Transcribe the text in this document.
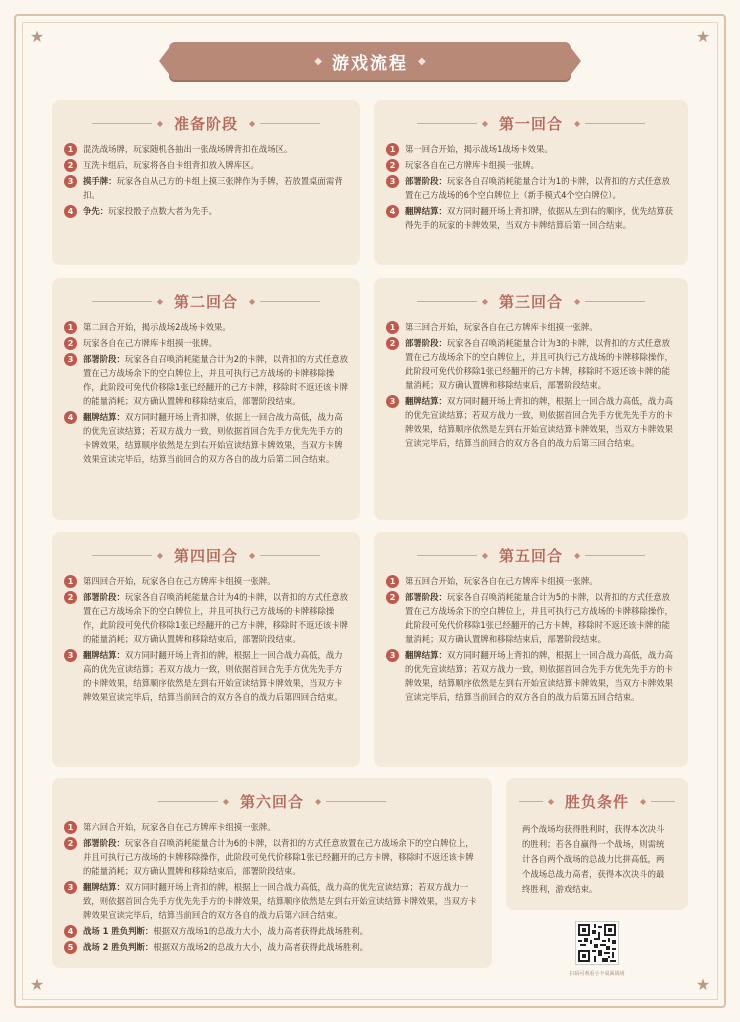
★	★
★	★
◆ 游戏流程 ◆
◆ 准备阶段 ◆
1	混洗战场牌，玩家随机各抽出一张战场牌背扣在战场区。
2	互洗卡组后，玩家将各自卡组背扣放入牌库区。
3	摸手牌：玩家各自从己方的卡组上摸三张牌作为手牌，若放置桌面需背扣。
4	争先：玩家投骰子点数大者为先手。
◆ 第一回合 ◆
1	第一回合开始，揭示战场1战场卡效果。
2	玩家各自在己方牌库卡组摸一张牌。
3	部署阶段：玩家各自召唤消耗能量合计为1的卡牌，以背扣的方式任意放置在己方战场的6个空白牌位上（新手模式4个空白牌位）。
4	翻牌结算：双方同时翻开场上背扣牌，依据从左到右的顺序，优先结算获得先手的玩家的卡牌效果，当双方卡牌结算后第一回合结束。
◆ 第二回合 ◆
1	第二回合开始，揭示战场2战场卡效果。
2	玩家各自在己方牌库卡组摸一张牌。
3	部署阶段：玩家各自召唤消耗能量合计为2的卡牌，以背扣的方式任意放置在己方战场余下的空白牌位上，并且可执行己方战场的卡牌移除操作，此阶段可免代价移除1张已经翻开的己方卡牌，移除时不返还该卡牌的能量消耗；双方确认置牌和移除结束后，部署阶段结束。
4	翻牌结算：双方同时翻开场上背扣牌，依据上一回合战力高低，战力高的优先宣读结算；若双方战力一致，则依据首回合先手方优先先手方的卡牌效果，结算顺序依然是左到右开始宣读结算卡牌效果，当双方卡牌效果宣读完毕后，结算当前回合的双方各自的战力后第二回合结束。
◆ 第三回合 ◆
1	第三回合开始，玩家各自在己方牌库卡组摸一张牌。
2	部署阶段：玩家各自召唤消耗能量合计为3的卡牌，以背扣的方式任意放置在己方战场余下的空白牌位上，并且可执行己方战场的卡牌移除操作，此阶段可免代价移除1张已经翻开的己方卡牌，移除时不返还该卡牌的能量消耗；双方确认置牌和移除结束后，部署阶段结束。
3	翻牌结算：双方同时翻开场上背扣的牌，根据上一回合战力高低，战力高的优先宣读结算；若双方战力一致，则依据首回合先手方优先先手方的卡牌效果，结算顺序依然是左到右开始宣读结算卡牌效果，当双方卡牌效果宣读完毕后，结算当前回合的双方各自的战力后第三回合结束。
◆ 第四回合 ◆
1	第四回合开始，玩家各自在己方牌库卡组摸一张牌。
2	部署阶段：玩家各自召唤消耗能量合计为4的卡牌，以背扣的方式任意放置在己方战场余下的空白牌位上，并且可执行己方战场的卡牌移除操作，此阶段可免代价移除1张已经翻开的己方卡牌，移除时不返还该卡牌的能量消耗；双方确认置牌和移除结束后，部署阶段结束。
3	翻牌结算：双方同时翻开场上背扣的牌，根据上一回合战力高低，战力高的优先宣读结算；若双方战力一致，则依据首回合先手方优先先手方的卡牌效果，结算顺序依然是左到右开始宣读结算卡牌效果，当双方卡牌效果宣读完毕后，结算当前回合的双方各自的战力后第四回合结束。
◆ 第五回合 ◆
1	第五回合开始，玩家各自在己方牌库卡组摸一张牌。
2	部署阶段：玩家各自召唤消耗能量合计为5的卡牌，以背扣的方式任意放置在己方战场余下的空白牌位上，并且可执行己方战场的卡牌移除操作，此阶段可免代价移除1张已经翻开的己方卡牌，移除时不返还该卡牌的能量消耗；双方确认置牌和移除结束后，部署阶段结束。
3	翻牌结算：双方同时翻开场上背扣的牌，根据上一回合战力高低，战力高的优先宣读结算；若双方战力一致，则依据首回合先手方优先先手方的卡牌效果，结算顺序依然是左到右开始宣读结算卡牌效果，当双方卡牌效果宣读完毕后，结算当前回合的双方各自的战力后第五回合结束。
◆ 第六回合 ◆
1	第六回合开始，玩家各自在己方牌库卡组摸一张牌。
2	部署阶段：玩家各自召唤消耗能量合计为6的卡牌，以背扣的方式任意放置在己方战场余下的空白牌位上，并且可执行己方战场的卡牌移除操作，此阶段可免代价移除1张已经翻开的己方卡牌，移除时不返还该卡牌的能量消耗；双方确认置牌和移除结束后，部署阶段结束。
3	翻牌结算：双方同时翻开场上背扣的牌，根据上一回合战力高低，战力高的优先宣读结算；若双方战力一致，则依据首回合先手方优先先手方的卡牌效果，结算顺序依然是左到右开始宣读结算卡牌效果，当双方卡牌效果宣读完毕后，结算当前回合的双方各自的战力后第六回合结束。
4	战场 1 胜负判断：根据双方战场1的总战力大小，战力高者获得此战场胜利。
5	战场 2 胜负判断：根据双方战场2的总战力大小，战力高者获得此战场胜利。
◆ 胜负条件 ◆
两个战场均获得胜利时，获得本次决斗的胜利；若各自赢得一个战场，则需统计各自两个战场的总战力比拼高低，两个战场总战力高者，获得本次决斗的最终胜利，游戏结束。
扫码可观看小卡桌面战场
